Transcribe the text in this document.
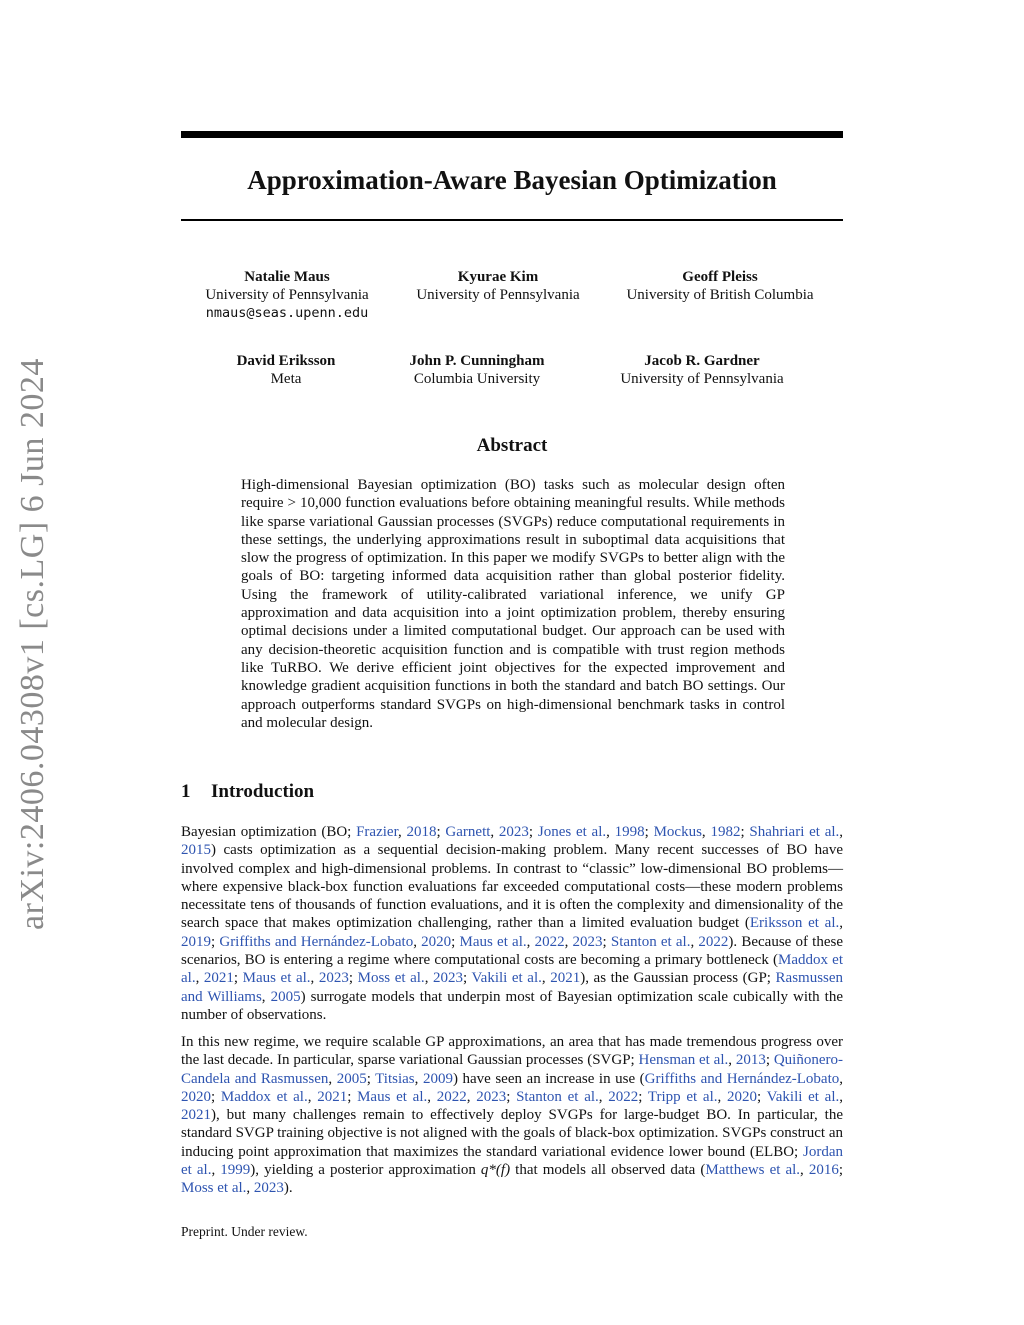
arXiv:2406.04308v1 [cs.LG] 6 Jun 2024
Approximation-Aware Bayesian Optimization
Natalie Maus
University of Pennsylvania
nmaus@seas.upenn.edu
Kyurae Kim
University of Pennsylvania
Geoff Pleiss
University of British Columbia
David Eriksson
Meta
John P. Cunningham
Columbia University
Jacob R. Gardner
University of Pennsylvania
Abstract

High-dimensional Bayesian optimization (BO) tasks such as molecular design often require > 10,000 function evaluations before obtaining meaningful results. While methods like sparse variational Gaussian processes (SVGPs) reduce computational requirements in these settings, the underlying approximations result in suboptimal data acquisitions that slow the progress of optimization. In this paper we modify SVGPs to better align with the goals of BO: targeting informed data acquisition rather than global posterior fidelity. Using the framework of utility-calibrated variational inference, we unify GP approximation and data acquisition into a joint optimization problem, thereby ensuring optimal decisions under a limited computational budget. Our approach can be used with any decision-theoretic acquisition function and is compatible with trust region methods like TuRBO. We derive efficient joint objectives for the expected improvement and knowledge gradient acquisition functions in both the standard and batch BO settings. Our approach outperforms standard SVGPs on high-dimensional benchmark tasks in control and molecular design.

1 Introduction

Bayesian optimization (BO; Frazier, 2018; Garnett, 2023; Jones et al., 1998; Mockus, 1982; Shahriari et al., 2015) casts optimization as a sequential decision-making problem. Many recent successes of BO have involved complex and high-dimensional problems. In contrast to “classic” low-dimensional BO problems—where expensive black-box function evaluations far exceeded computational costs—these modern problems necessitate tens of thousands of function evaluations, and it is often the complexity and dimensionality of the search space that makes optimization challenging, rather than a limited evaluation budget (Eriksson et al., 2019; Griffiths and Hernández-Lobato, 2020; Maus et al., 2022, 2023; Stanton et al., 2022). Because of these scenarios, BO is entering a regime where computational costs are becoming a primary bottleneck (Maddox et al., 2021; Maus et al., 2023; Moss et al., 2023; Vakili et al., 2021), as the Gaussian process (GP; Rasmussen and Williams, 2005) surrogate models that underpin most of Bayesian optimization scale cubically with the number of observations.

In this new regime, we require scalable GP approximations, an area that has made tremendous progress over the last decade. In particular, sparse variational Gaussian processes (SVGP; Hensman et al., 2013; Quiñonero-Candela and Rasmussen, 2005; Titsias, 2009) have seen an increase in use (Griffiths and Hernández-Lobato, 2020; Maddox et al., 2021; Maus et al., 2022, 2023; Stanton et al., 2022; Tripp et al., 2020; Vakili et al., 2021), but many challenges remain to effectively deploy SVGPs for large-budget BO. In particular, the standard SVGP training objective is not aligned with the goals of black-box optimization. SVGPs construct an inducing point approximation that maximizes the standard variational evidence lower bound (ELBO; Jordan et al., 1999), yielding a posterior approximation q*(f) that models all observed data (Matthews et al., 2016; Moss et al., 2023).

Preprint. Under review.
